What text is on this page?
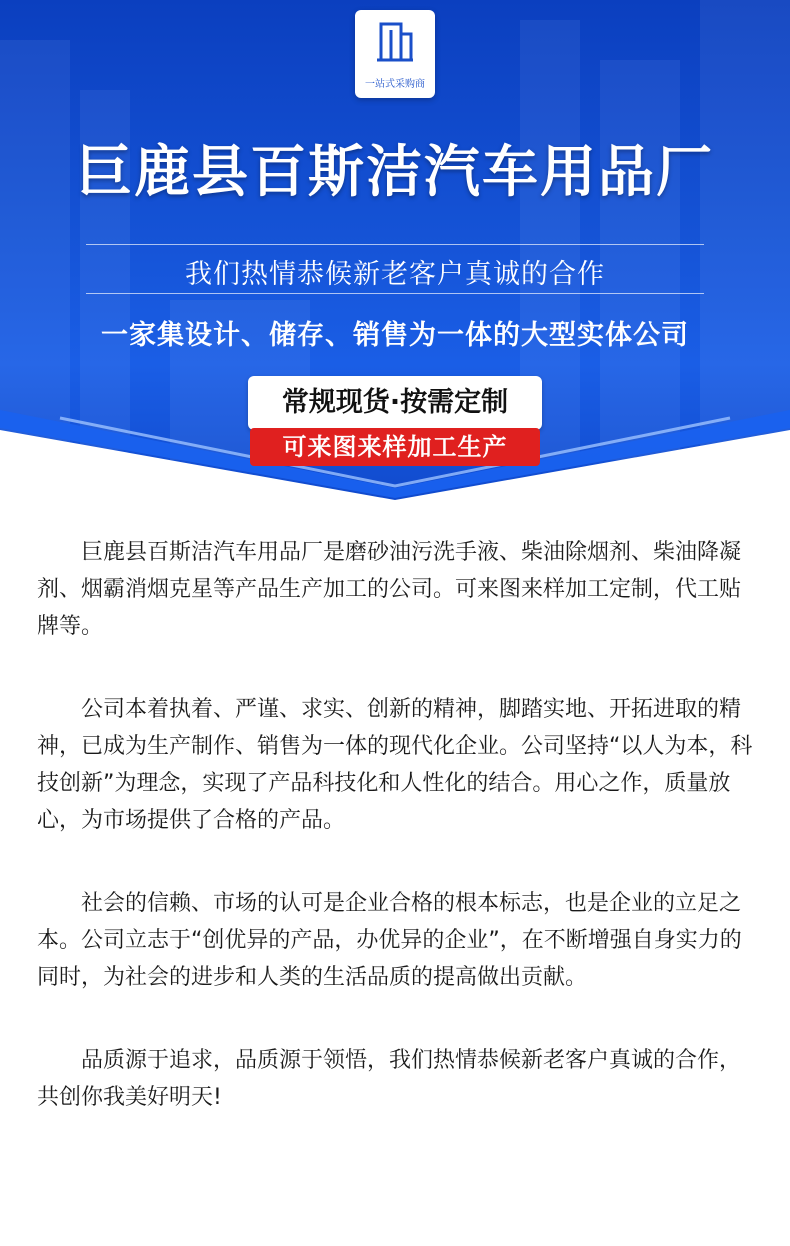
一站式采购商
巨鹿县百斯洁汽车用品厂
我们热情恭候新老客户真诚的合作
一家集设计、储存、销售为一体的大型实体公司
常规现货·按需定制
可来图来样加工生产

巨鹿县百斯洁汽车用品厂是磨砂油污洗手液、柴油除烟剂、柴油降凝剂、烟霸消烟克星等产品生产加工的公司。可来图来样加工定制，代工贴牌等。

公司本着执着、严谨、求实、创新的精神，脚踏实地、开拓进取的精神，已成为生产制作、销售为一体的现代化企业。公司坚持“以人为本，科技创新”为理念，实现了产品科技化和人性化的结合。用心之作，质量放心，为市场提供了合格的产品。

社会的信赖、市场的认可是企业合格的根本标志，也是企业的立足之本。公司立志于“创优异的产品，办优异的企业”，在不断增强自身实力的同时，为社会的进步和人类的生活品质的提高做出贡献。

品质源于追求，品质源于领悟，我们热情恭候新老客户真诚的合作，共创你我美好明天!
